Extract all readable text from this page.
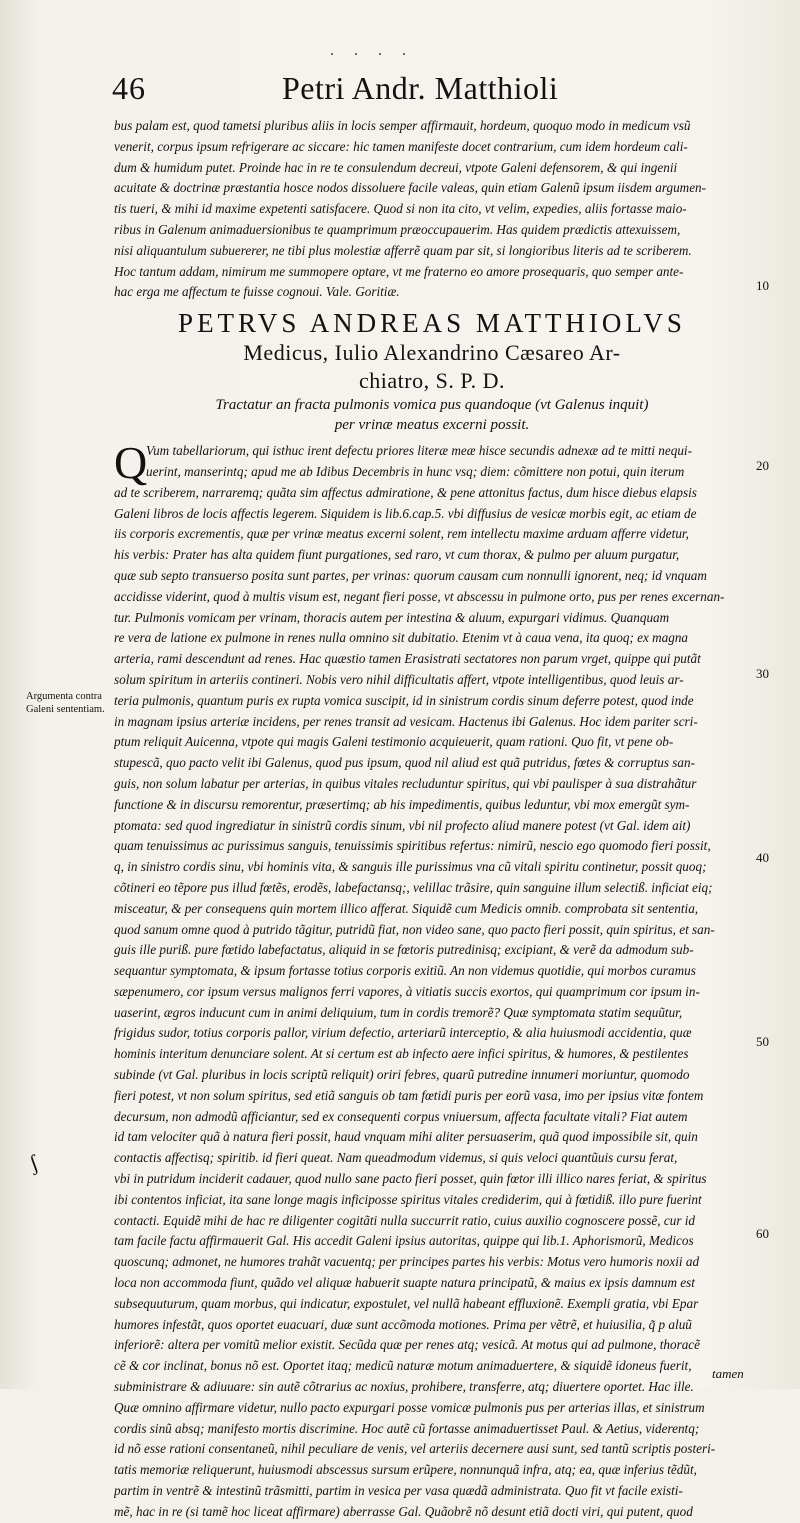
46	Petri Andr. Matthioli
. . . .
Argumenta contra Galeni sententiam.
ʃ
bus palam est, quod tametsi pluribus aliis in locis semper affirmauit, hordeum, quoquo modo in medicum vsũ
venerit, corpus ipsum refrigerare ac siccare: hic tamen manifeste docet contrarium, cum idem hordeum cali-
dum & humidum putet. Proinde hac in re te consulendum decreui, vtpote Galeni defensorem, & qui ingenii
acuitate & doctrinæ præstantia hosce nodos dissoluere facile valeas, quin etiam Galenũ ipsum iisdem argumen-
tis tueri, & mihi id maxime expetenti satisfacere. Quod si non ita cito, vt velim, expedies, aliis fortasse maio-
ribus in Galenum animaduersionibus te quamprimum præoccupauerim. Has quidem prædictis attexuissem,
nisi aliquantulum subuererer, ne tibi plus molestiæ afferrẽ quam par sit, si longioribus literis ad te scriberem.
Hoc tantum addam, nimirum me summopere optare, vt me fraterno eo amore prosequaris, quo semper ante-
hac erga me affectum te fuisse cognoui. Vale. Goritiæ.
PETRVS ANDREAS MATTHIOLVS
Medicus, Iulio Alexandrino Cæsareo Ar-
chiatro, S. P. D.
Tractatur an fracta pulmonis vomica pus quandoque (vt Galenus inquit)
per vrinæ meatus excerni possit.
Q
Vum tabellariorum, qui isthuc irent defectu priores literæ meæ hisce secundis adnexæ ad te mitti nequi-
uerint, manserintq; apud me ab Idibus Decembris in hunc vsq; diem: cõmittere non potui, quin iterum
ad te scriberem, narraremq; quãta sim affectus admiratione, & pene attonitus factus, dum hisce diebus elapsis
Galeni libros de locis affectis legerem. Siquidem is lib.6.cap.5. vbi diffusius de vesicæ morbis egit, ac etiam de
iis corporis excrementis, quæ per vrinæ meatus excerni solent, rem intellectu maxime arduam afferre videtur,
his verbis: Prater has alta quidem fiunt purgationes, sed raro, vt cum thorax, & pulmo per aluum purgatur,
quæ sub septo transuerso posita sunt partes, per vrinas: quorum causam cum nonnulli ignorent, neq; id vnquam
accidisse viderint, quod à multis visum est, negant fieri posse, vt abscessu in pulmone orto, pus per renes excernan-
tur. Pulmonis vomicam per vrinam, thoracis autem per intestina & aluum, expurgari vidimus. Quanquam
re vera de latione ex pulmone in renes nulla omnino sit dubitatio. Etenim vt à caua vena, ita quoq; ex magna
arteria, rami descendunt ad renes. Hac quæstio tamen Erasistrati sectatores non parum vrget, quippe qui putãt
solum spiritum in arteriis contineri. Nobis vero nihil difficultatis affert, vtpote intelligentibus, quod leuis ar-
teria pulmonis, quantum puris ex rupta vomica suscipit, id in sinistrum cordis sinum deferre potest, quod inde
in magnam ipsius arteriæ incidens, per renes transit ad vesicam. Hactenus ibi Galenus. Hoc idem pariter scri-
ptum reliquit Auicenna, vtpote qui magis Galeni testimonio acquieuerit, quam rationi. Quo fit, vt pene ob-
stupescã, quo pacto velit ibi Galenus, quod pus ipsum, quod nil aliud est quã putridus, fœtes & corruptus san-
guis, non solum labatur per arterias, in quibus vitales recluduntur spiritus, qui vbi paulisper à sua distrahãtur
functione & in discursu remorentur, præsertimq; ab his impedimentis, quibus leduntur, vbi mox emergũt sym-
ptomata: sed quod ingrediatur in sinistrũ cordis sinum, vbi nil profecto aliud manere potest (vt Gal. idem ait)
quam tenuissimus ac purissimus sanguis, tenuissimis spiritibus refertus: nimirũ, nescio ego quomodo fieri possit,
q, in sinistro cordis sinu, vbi hominis vita, & sanguis ille purissimus vna cũ vitali spiritu continetur, possit quoq;
cõtineri eo tẽpore pus illud fœtẽs, erodẽs, labefactansq;, velillac trãsire, quin sanguine illum selectiß. inficiat eiq;
misceatur, & per consequens quin mortem illico afferat. Siquidẽ cum Medicis omnib. comprobata sit sententia,
quod sanum omne quod à putrido tãgitur, putridũ fiat, non video sane, quo pacto fieri possit, quin spiritus, et san-
guis ille puriß. pure fœtido labefactatus, aliquid in se fœtoris putredinisq; excipiant, & verẽ da admodum sub-
sequantur symptomata, & ipsum fortasse totius corporis exitiũ. An non videmus quotidie, qui morbos curamus
sæpenumero, cor ipsum versus malignos ferri vapores, à vitiatis succis exortos, qui quamprimum cor ipsum in-
uaserint, ægros inducunt cum in animi deliquium, tum in cordis tremorẽ? Quæ symptomata statim sequũtur,
frigidus sudor, totius corporis pallor, virium defectio, arteriarũ interceptio, & alia huiusmodi accidentia, quæ
hominis interitum denunciare solent. At si certum est ab infecto aere infici spiritus, & humores, & pestilentes
subinde (vt Gal. pluribus in locis scriptũ reliquit) oriri febres, quarũ putredine innumeri moriuntur, quomodo
fieri potest, vt non solum spiritus, sed etiã sanguis ob tam fœtidi puris per eorũ vasa, imo per ipsius vitæ fontem
decursum, non admodũ afficiantur, sed ex consequenti corpus vniuersum, affecta facultate vitali? Fiat autem
id tam velociter quã à natura fieri possit, haud vnquam mihi aliter persuaserim, quã quod impossibile sit, quin
contactis affectisq; spiritib. id fieri queat. Nam queadmodum videmus, si quis veloci quantũuis cursu ferat,
vbi in putridum inciderit cadauer, quod nullo sane pacto fieri posset, quin fœtor illi illico nares feriat, & spiritus
ibi contentos inficiat, ita sane longe magis inficiposse spiritus vitales crediderim, qui à fœtidiß. illo pure fuerint
contacti. Equidẽ mihi de hac re diligenter cogitãti nulla succurrit ratio, cuius auxilio cognoscere possẽ, cur id
tam facile factu affirmauerit Gal. His accedit Galeni ipsius autoritas, quippe qui lib.1. Aphorismorũ, Medicos
quoscunq; admonet, ne humores trahãt vacuentq; per principes partes his verbis: Motus vero humoris noxii ad
loca non accommoda fiunt, quãdo vel aliquæ habuerit suapte natura principatũ, & maius ex ipsis damnum est
subsequuturum, quam morbus, qui indicatur, expostulet, vel nullã habeant effluxionẽ. Exempli gratia, vbi Epar
humores infestãt, quos oportet euacuari, duæ sunt accõmoda motiones. Prima per vẽtrẽ, et huiusilia, q̃ p aluũ
inferiorẽ: altera per vomitũ melior existit. Secũda quæ per renes atq; vesicã. At motus qui ad pulmone, thoracẽ
cẽ & cor inclinat, bonus nõ est. Oportet itaq; medicũ naturæ motum animaduertere, & siquidẽ idoneus fuerit,
subministrare & adiuuare: sin autẽ cõtrarius ac noxius, prohibere, transferre, atq; diuertere oportet. Hac ille.
Quæ omnino affirmare videtur, nullo pacto expurgari posse vomicæ pulmonis pus per arterias illas, et sinistrum
cordis sinũ absq; manifesto mortis discrimine. Hoc autẽ cũ fortasse animaduertisset Paul. & Aetius, viderentq;
id nõ esse rationi consentaneũ, nihil peculiare de venis, vel arteriis decernere ausi sunt, sed tantũ scriptis posteri-
tatis memoriæ reliquerunt, huiusmodi abscessus sursum erũpere, nonnunquã infra, atq; ea, quæ inferius tẽdũt,
partim in ventrẽ & intestinũ trãsmitti, partim in vesica per vasa quædã administrata. Quo fit vt facile existi-
mẽ, hac in re (si tamẽ hoc liceat affirmare) aberrasse Gal. Quãobrẽ nõ desunt etiã docti viri, qui putent, quod
10
20
30
40
50
60
tamen
